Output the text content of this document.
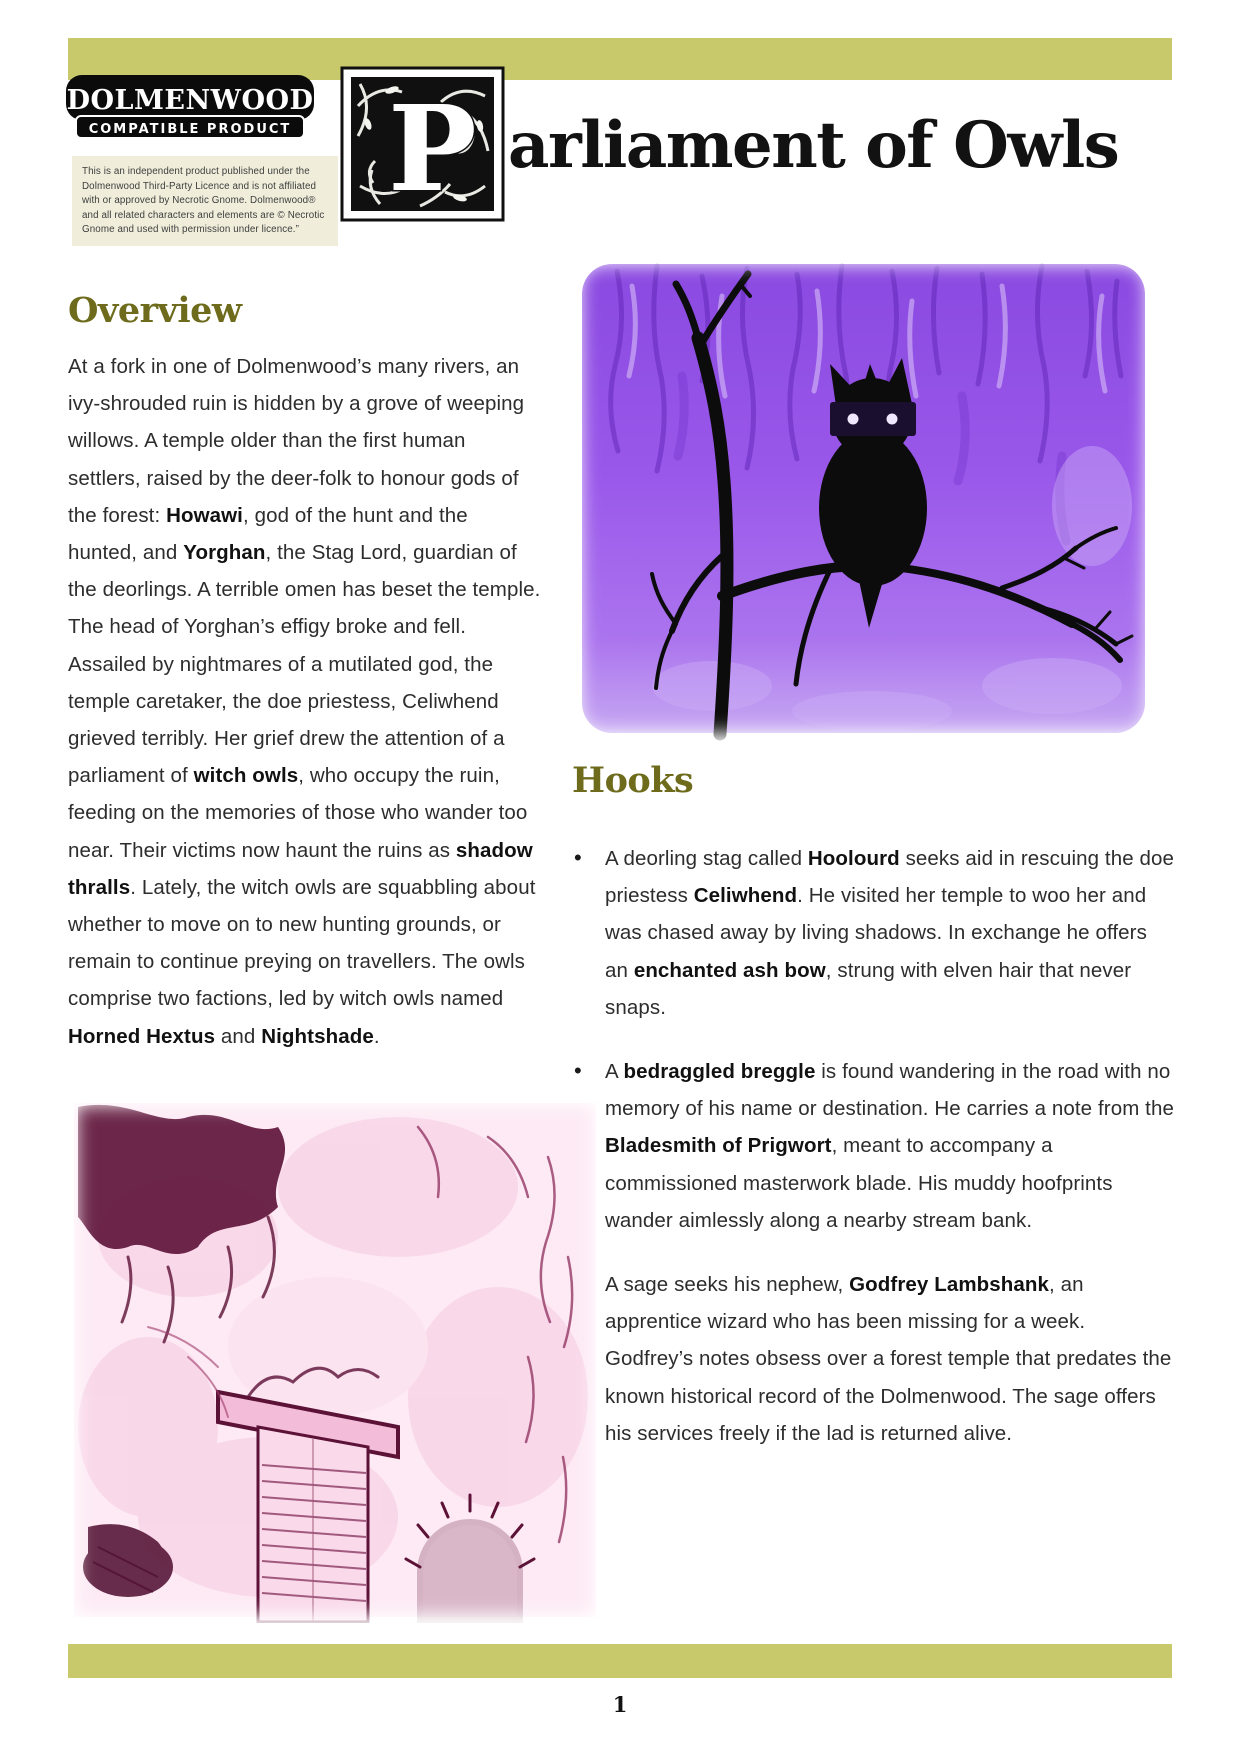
DOLMENWOOD
COMPATIBLE PRODUCT
This is an independent product published under the Dolmenwood Third-Party Licence and is not affiliated with or approved by Necrotic Gnome. Dolmenwood® and all related characters and elements are © Necrotic Gnome and used with permission under licence.”
P arliament of Owls
Overview
At a fork in one of Dolmenwood’s many rivers, an ivy-shrouded ruin is hidden by a grove of weeping willows. A temple older than the first human settlers, raised by the deer-folk to honour gods of the forest: Howawi, god of the hunt and the hunted, and Yorghan, the Stag Lord, guardian of the deorlings. A terrible omen has beset the temple. The head of Yorghan’s effigy broke and fell. Assailed by nightmares of a mutilated god, the temple caretaker, the doe priestess, Celiwhend grieved terribly. Her grief drew the attention of a parliament of witch owls, who occupy the ruin, feeding on the memories of those who wander too near. Their victims now haunt the ruins as shadow thralls. Lately, the witch owls are squabbling about whether to move on to new hunting grounds, or remain to continue preying on travellers. The owls comprise two factions, led by witch owls named Horned Hextus and Nightshade.
Hooks
• A deorling stag called Hoolourd seeks aid in rescuing the doe priestess Celiwhend. He visited her temple to woo her and was chased away by living shadows. In exchange he offers an enchanted ash bow, strung with elven hair that never snaps.
• A bedraggled breggle is found wandering in the road with no memory of his name or destination. He carries a note from the Bladesmith of Prigwort, meant to accompany a commissioned masterwork blade. His muddy hoofprints wander aimlessly along a nearby stream bank.
• A sage seeks his nephew, Godfrey Lambshank, an apprentice wizard who has been missing for a week. Godfrey’s notes obsess over a forest temple that predates the known historical record of the Dolmenwood. The sage offers his services freely if the lad is returned alive.
1
